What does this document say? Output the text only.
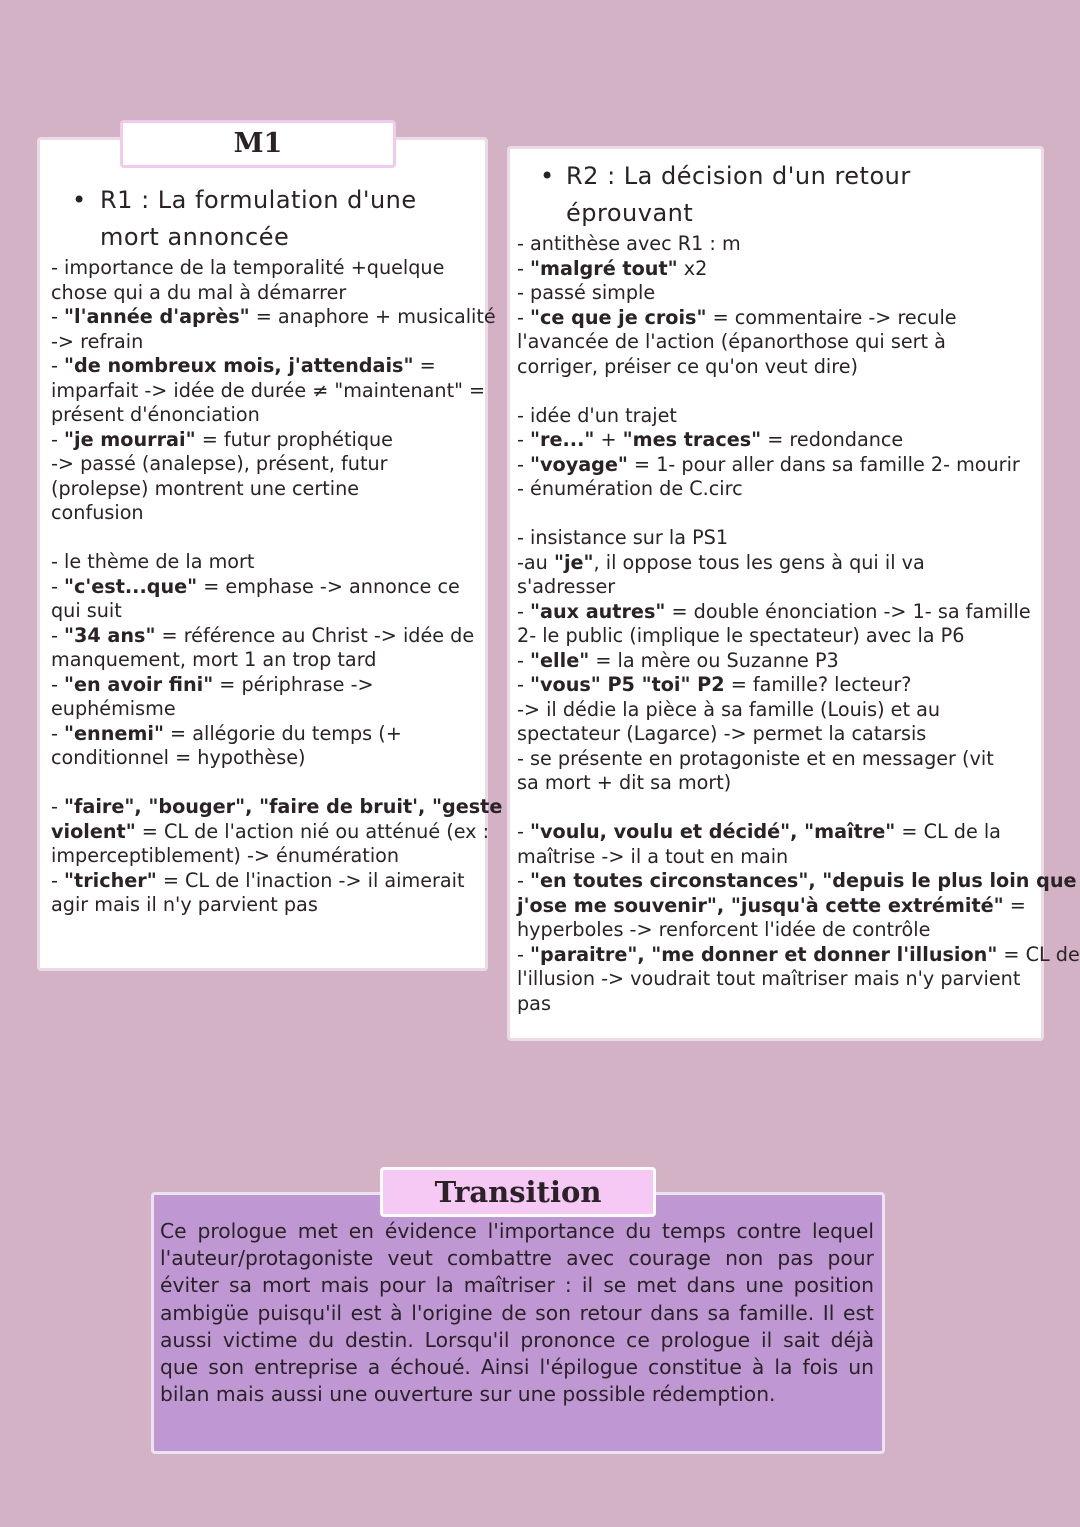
M1
• R1 : La formulation d'une
mort annoncée
- importance de la temporalité +quelque
chose qui a du mal à démarrer
- "l'année d'après" = anaphore + musicalité
-> refrain
- "de nombreux mois, j'attendais" =
imparfait -> idée de durée ≠ "maintenant" =
présent d'énonciation
- "je mourrai" = futur prophétique
-> passé (analepse), présent, futur
(prolepse) montrent une certine
confusion
- le thème de la mort
- "c'est...que" = emphase -> annonce ce
qui suit
- "34 ans" = référence au Christ -> idée de
manquement, mort 1 an trop tard
- "en avoir fini" = périphrase ->
euphémisme
- "ennemi" = allégorie du temps (+
conditionnel = hypothèse)
- "faire", "bouger", "faire de bruit', "geste
violent" = CL de l'action nié ou atténué (ex :
imperceptiblement) -> énumération
- "tricher" = CL de l'inaction -> il aimerait
agir mais il n'y parvient pas
• R2 : La décision d'un retour
éprouvant
- antithèse avec R1 : m
- "malgré tout" x2
- passé simple
- "ce que je crois" = commentaire -> recule
l'avancée de l'action (épanorthose qui sert à
corriger, préiser ce qu'on veut dire)
- idée d'un trajet
- "re..." + "mes traces" = redondance
- "voyage" = 1- pour aller dans sa famille 2- mourir
- énumération de C.circ
- insistance sur la PS1
-au "je", il oppose tous les gens à qui il va
s'adresser
- "aux autres" = double énonciation -> 1- sa famille
2- le public (implique le spectateur) avec la P6
- "elle" = la mère ou Suzanne P3
- "vous" P5 "toi" P2 = famille? lecteur?
-> il dédie la pièce à sa famille (Louis) et au
spectateur (Lagarce) -> permet la catarsis
- se présente en protagoniste et en messager (vit
sa mort + dit sa mort)
- "voulu, voulu et décidé", "maître" = CL de la
maîtrise -> il a tout en main
- "en toutes circonstances", "depuis le plus loin que
j'ose me souvenir", "jusqu'à cette extrémité" =
hyperboles -> renforcent l'idée de contrôle
- "paraitre", "me donner et donner l'illusion" = CL de
l'illusion -> voudrait tout maîtriser mais n'y parvient
pas
Transition
Ce prologue met en évidence l'importance du temps contre lequel l'auteur/protagoniste veut combattre avec courage non pas pour éviter sa mort mais pour la maîtriser : il se met dans une position ambigüe puisqu'il est à l'origine de son retour dans sa famille. Il est aussi victime du destin. Lorsqu'il prononce ce prologue il sait déjà que son entreprise a échoué. Ainsi l'épilogue constitue à la fois un bilan mais aussi une ouverture sur une possible rédemption.
